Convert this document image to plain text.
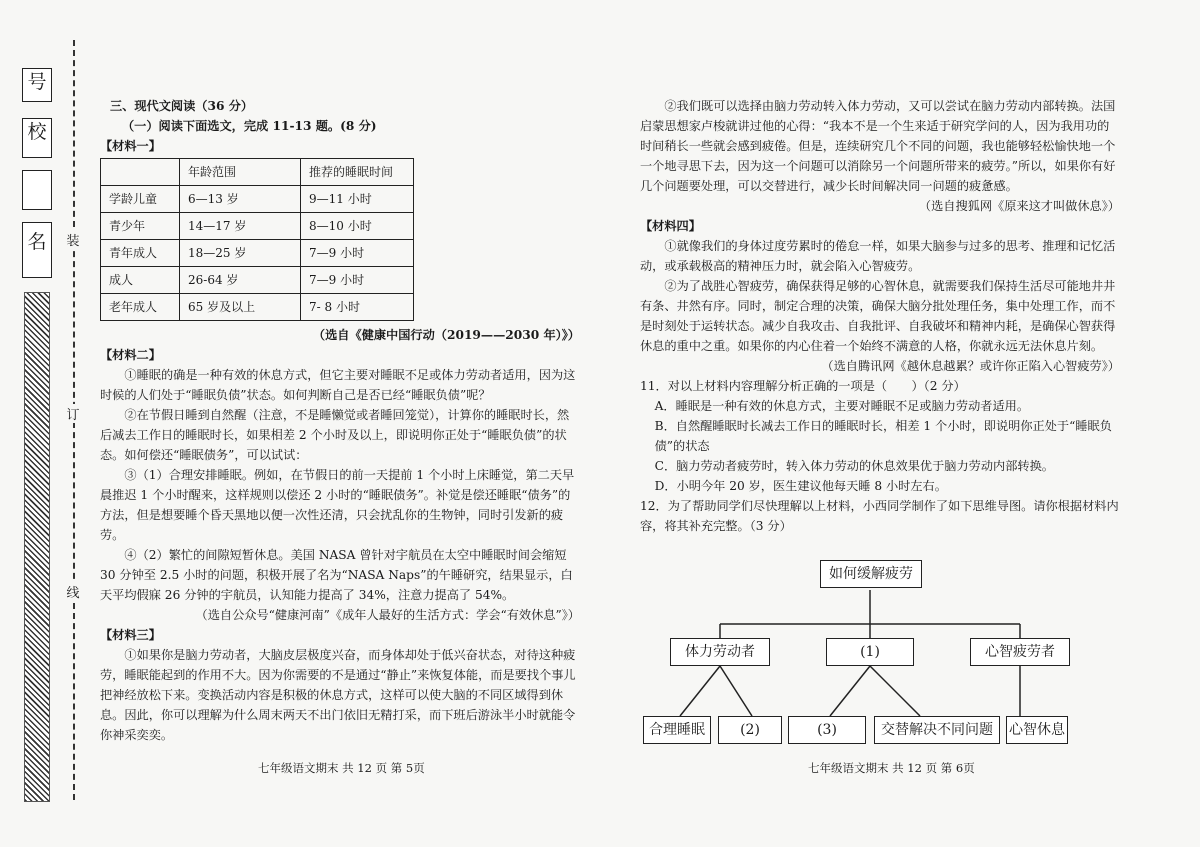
号
校
名	装
订
线

三、现代文阅读（36 分）

（一）阅读下面选文，完成 11-13 题。(8 分)

【材料一】

	年龄范围	推荐的睡眠时间
学龄儿童	6—13 岁	9—11 小时
青少年	14—17 岁	8—10 小时
青年成人	18—25 岁	7—9 小时
成人	26-64 岁	7—9 小时
老年成人	65 岁及以上	7- 8 小时

（选自《健康中国行动（2019——2030 年）》）

【材料二】

①睡眠的确是一种有效的休息方式，但它主要对睡眠不足或体力劳动者适用，因为这时候的人们处于“睡眠负债”状态。如何判断自己是否已经“睡眠负债”呢？

②在节假日睡到自然醒（注意，不是睡懒觉或者睡回笼觉），计算你的睡眠时长，然后减去工作日的睡眠时长，如果相差 2 个小时及以上，即说明你正处于“睡眠负债”的状态。如何偿还“睡眠债务”，可以试试：

③（1）合理安排睡眠。例如，在节假日的前一天提前 1 个小时上床睡觉，第二天早晨推迟 1 个小时醒来，这样规则以偿还 2 小时的“睡眠债务”。补觉是偿还睡眠“债务”的方法，但是想要睡个昏天黑地以便一次性还清，只会扰乱你的生物钟，同时引发新的疲劳。

④（2）繁忙的间隙短暂休息。美国 NASA 曾针对宇航员在太空中睡眠时间会缩短 30 分钟至 2.5 小时的问题，积极开展了名为“NASA Naps”的午睡研究，结果显示，白天平均假寐 26 分钟的宇航员，认知能力提高了 34%，注意力提高了 54%。

（选自公众号“健康河南”《成年人最好的生活方式：学会“有效休息”》）

【材料三】

①如果你是脑力劳动者，大脑皮层极度兴奋，而身体却处于低兴奋状态，对待这种疲劳，睡眠能起到的作用不大。因为你需要的不是通过“静止”来恢复体能，而是要找个事儿把神经放松下来。变换活动内容是积极的休息方式，这样可以使大脑的不同区域得到休息。因此，你可以理解为什么周末两天不出门依旧无精打采，而下班后游泳半小时就能令你神采奕奕。

七年级语文期末 共 12 页 第 5页

②我们既可以选择由脑力劳动转入体力劳动，又可以尝试在脑力劳动内部转换。法国启蒙思想家卢梭就讲过他的心得：“我本不是一个生来适于研究学问的人，因为我用功的时间稍长一些就会感到疲倦。但是，连续研究几个不同的问题，我也能够轻松愉快地一个一个地寻思下去，因为这一个问题可以消除另一个问题所带来的疲劳。”所以，如果你有好几个问题要处理，可以交替进行，减少长时间解决同一问题的疲惫感。

（选自搜狐网《原来这才叫做休息》）

【材料四】

①就像我们的身体过度劳累时的倦怠一样，如果大脑参与过多的思考、推理和记忆活动，或承载极高的精神压力时，就会陷入心智疲劳。

②为了战胜心智疲劳，确保获得足够的心智休息，就需要我们保持生活尽可能地井井有条、井然有序。同时，制定合理的决策，确保大脑分批处理任务，集中处理工作，而不是时刻处于运转状态。减少自我攻击、自我批评、自我破坏和精神内耗，是确保心智获得休息的重中之重。如果你的内心住着一个始终不满意的人格，你就永远无法休息片刻。

（选自腾讯网《越休息越累？或许你正陷入心智疲劳》）

11．对以上材料内容理解分析正确的一项是（　　）（2 分）

A．睡眠是一种有效的休息方式，主要对睡眠不足或脑力劳动者适用。

B．自然醒睡眠时长减去工作日的睡眠时长，相差 1 个小时，即说明你正处于“睡眠负债”的状态

C．脑力劳动者疲劳时，转入体力劳动的休息效果优于脑力劳动内部转换。

D．小明今年 20 岁，医生建议他每天睡 8 小时左右。

12．为了帮助同学们尽快理解以上材料，小西同学制作了如下思维导图。请你根据材料内容，将其补充完整。（3 分）

如何缓解疲劳
体力劳动者	(1)	心智疲劳者
合理睡眠	(2)	(3)	交替解决不同问题	心智休息
七年级语文期末 共 12 页 第 6页
